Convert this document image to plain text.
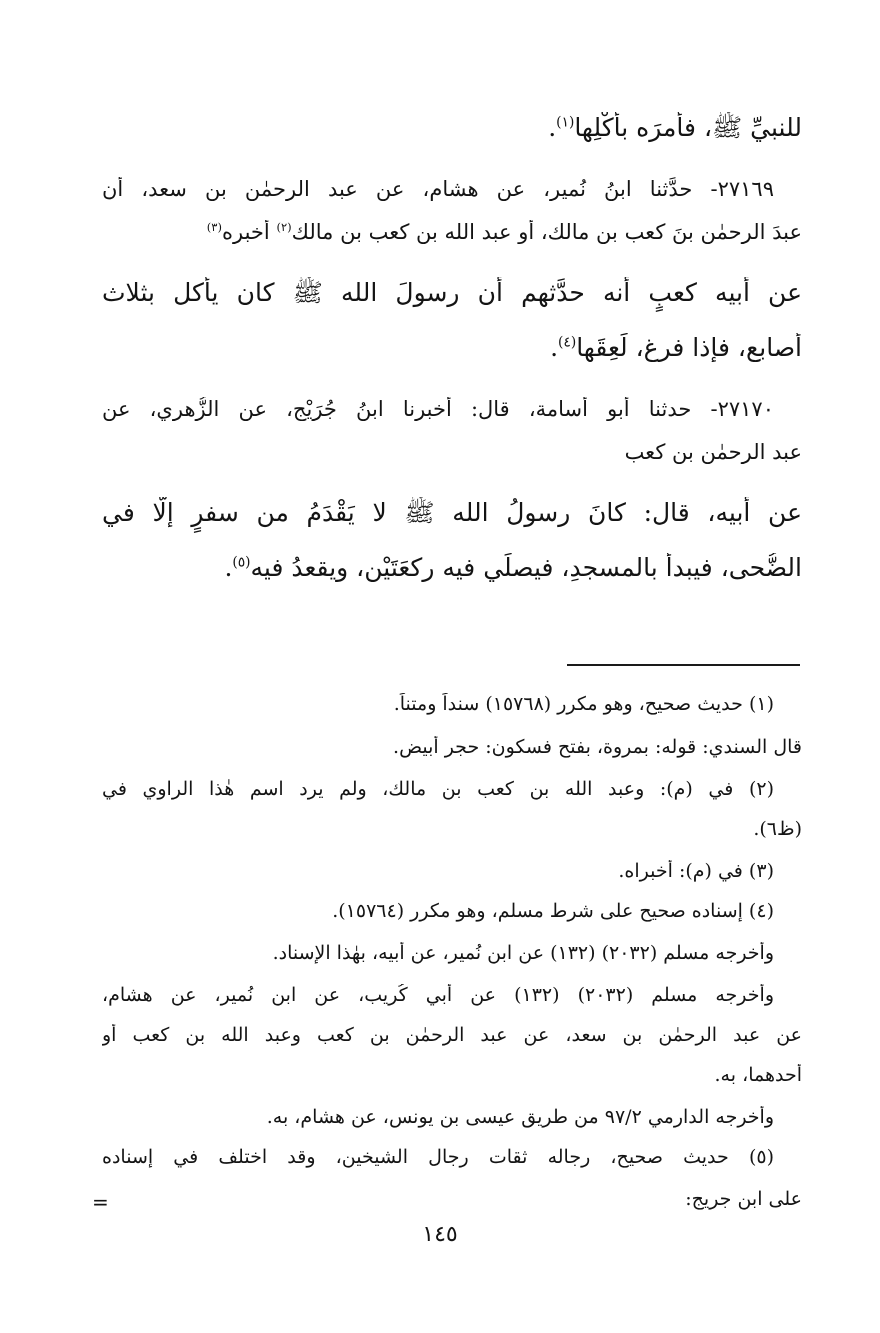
للنبيِّ ﷺ، فأمرَه بأَكْلِها$^{(١)}$.
٢٧١٦٩- حدَّثنا ابنُ نُمير، عن هشام، عن عبد الرحمٰن بن سعد، أن
عبدَ الرحمٰن بنَ كعب بن مالك، أو عبد الله بن كعب بن مالك$^{(٢)}$ أخبره$^{(٣)}$
عن أبيه كعبٍ أنه حدَّثهم أن رسولَ الله ﷺ كان يأكل بثلاث
أصابع، فإذا فرغ، لَعِقَها$^{(٤)}$.
٢٧١٧٠- حدثنا أبو أسامة، قال: أخبرنا ابنُ جُرَيْج، عن الزُّهري، عن
عبد الرحمٰن بن كعب
عن أبيه، قال: كانَ رسولُ الله ﷺ لا يَقْدَمُ من سفرٍ إلَّا في
الضُّحى، فيبدأُ بالمسجدِ، فيصلِّي فيه ركعَتَيْن، ويقعدُ فيه$^{(٥)}$.
(١) حديث صحيح، وهو مكرر (١٥٧٦٨) سنداً ومتناً.
قال السندي: قوله: بمروة، بفتح فسكون: حجر أبيض.
(٢) في (م): وعبد الله بن كعب بن مالك، ولم يرد اسم هٰذا الراوي في
(ظ٦).
(٣) في (م): أخبراه.
(٤) إسناده صحيح على شرط مسلم، وهو مكرر (١٥٧٦٤).
وأخرجه مسلم (٢٠٣٢) (١٣٢) عن ابن نُمير، عن أبيه، بهٰذا الإسناد.
وأخرجه مسلم (٢٠٣٢) (١٣٢) عن أبي كُريب، عن ابن نُمير، عن هشام،
عن عبد الرحمٰن بن سعد، عن عبد الرحمٰن بن كعب وعبد الله بن كعب أو
أحدهما، به.
وأخرجه الدارمي ٢/‏٩٧ من طريق عيسى بن يونس، عن هشام، به.
(٥) حديث صحيح، رجاله ثقات رجال الشيخين، وقد اختلف في إسناده
على ابن جريج:
=
١٤٥
